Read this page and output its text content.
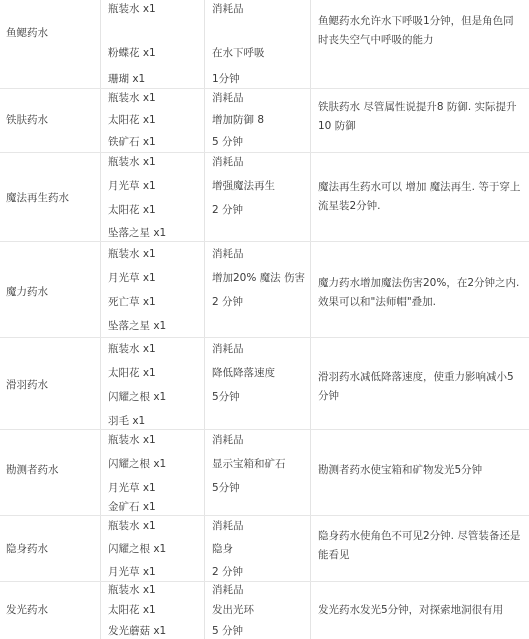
鱼鳃药水
瓶装水 x1
粉蝶花 x1
珊瑚 x1
消耗品
在水下呼吸
1分钟
鱼鳃药水允许水下呼吸1分钟，但是角色同时丧失空气中呼吸的能力
铁肤药水
瓶装水 x1
太阳花 x1
铁矿石 x1
消耗品
增加防御 8
5 分钟
铁肤药水 尽管属性说提升8 防御. 实际提升10 防御
魔法再生药水
瓶装水 x1
月光草 x1
太阳花 x1
坠落之星 x1
消耗品
增强魔法再生
2 分钟
魔法再生药水可以 增加 魔法再生. 等于穿上流星装2分钟.
魔力药水
瓶装水 x1
月光草 x1
死亡草 x1
坠落之星 x1
消耗品
增加20% 魔法 伤害
2 分钟
魔力药水增加魔法伤害20%，在2分钟之内. 效果可以和"法师帽"叠加.
滑羽药水
瓶装水 x1
太阳花 x1
闪耀之根 x1
羽毛 x1
消耗品
降低降落速度
5分钟
滑羽药水减低降落速度，使重力影响减小5分钟
勘测者药水
瓶装水 x1
闪耀之根 x1
月光草 x1
金矿石 x1
消耗品
显示宝箱和矿石
5分钟
勘测者药水使宝箱和矿物发光5分钟
隐身药水
瓶装水 x1
闪耀之根 x1
月光草 x1
消耗品
隐身
2 分钟
隐身药水使角色不可见2分钟. 尽管装备还是能看见
发光药水
瓶装水 x1
太阳花 x1
发光蘑菇 x1
消耗品
发出光环
5 分钟
发光药水发光5分钟，对探索地洞很有用
